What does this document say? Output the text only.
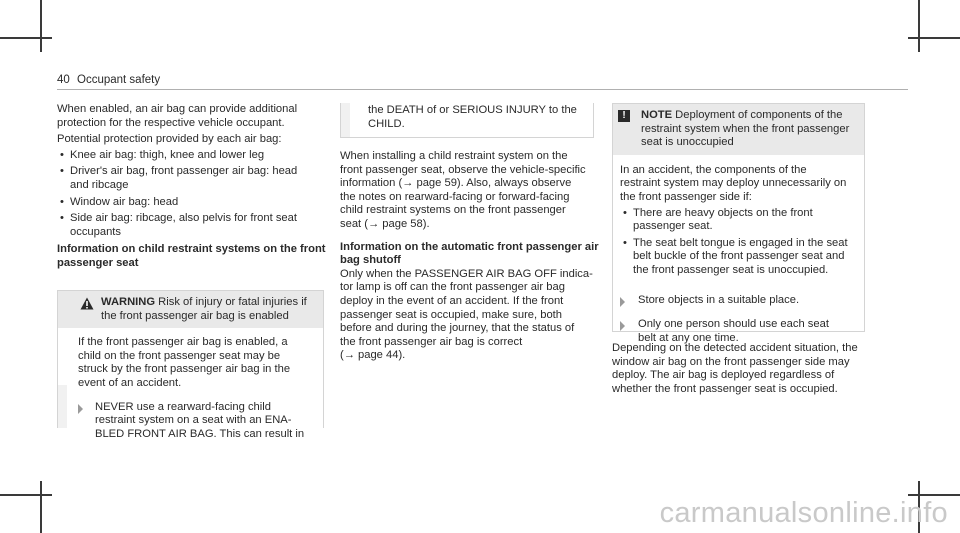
40 Occupant safety

When enabled, an air bag can provide additional
protection for the respective vehicle occupant.

Potential protection provided by each air bag:

• Knee air bag: thigh, knee and lower leg
• Driver's air bag, front passenger air bag: head
and ribcage
• Window air bag: head
• Side air bag: ribcage, also pelvis for front seat
occupants

Information on child restraint systems on the front
passenger seat

WARNING Risk of injury or fatal injuries if
the front passenger air bag is enabled
If the front passenger air bag is enabled, a
child on the front passenger seat may be
struck by the front passenger air bag in the
event of an accident.
NEVER use a rearward-facing child
restraint system on a seat with an ENA-
BLED FRONT AIR BAG. This can result in
the DEATH of or SERIOUS INJURY to the
CHILD.

When installing a child restraint system on the
front passenger seat, observe the vehicle-specific
information (→ page 59). Also, always observe
the notes on rearward-facing or forward-facing
child restraint systems on the front passenger
seat (→ page 58).

Information on the automatic front passenger air
bag shutoff

Only when the PASSENGER AIR BAG OFF indica-
tor lamp is off can the front passenger air bag
deploy in the event of an accident. If the front
passenger seat is occupied, make sure, both
before and during the journey, that the status of
the front passenger air bag is correct
(→ page 44).

!	NOTE Deployment of components of the
restraint system when the front passenger
seat is unoccupied
In an accident, the components of the
restraint system may deploy unnecessarily on
the front passenger side if:
• There are heavy objects on the front
passenger seat.
• The seat belt tongue is engaged in the seat
belt buckle of the front passenger seat and
the front passenger seat is unoccupied.
Store objects in a suitable place.
Only one person should use each seat
belt at any one time.

Depending on the detected accident situation, the
window air bag on the front passenger side may
deploy. The air bag is deployed regardless of
whether the front passenger seat is occupied.

carmanualsonline.info
